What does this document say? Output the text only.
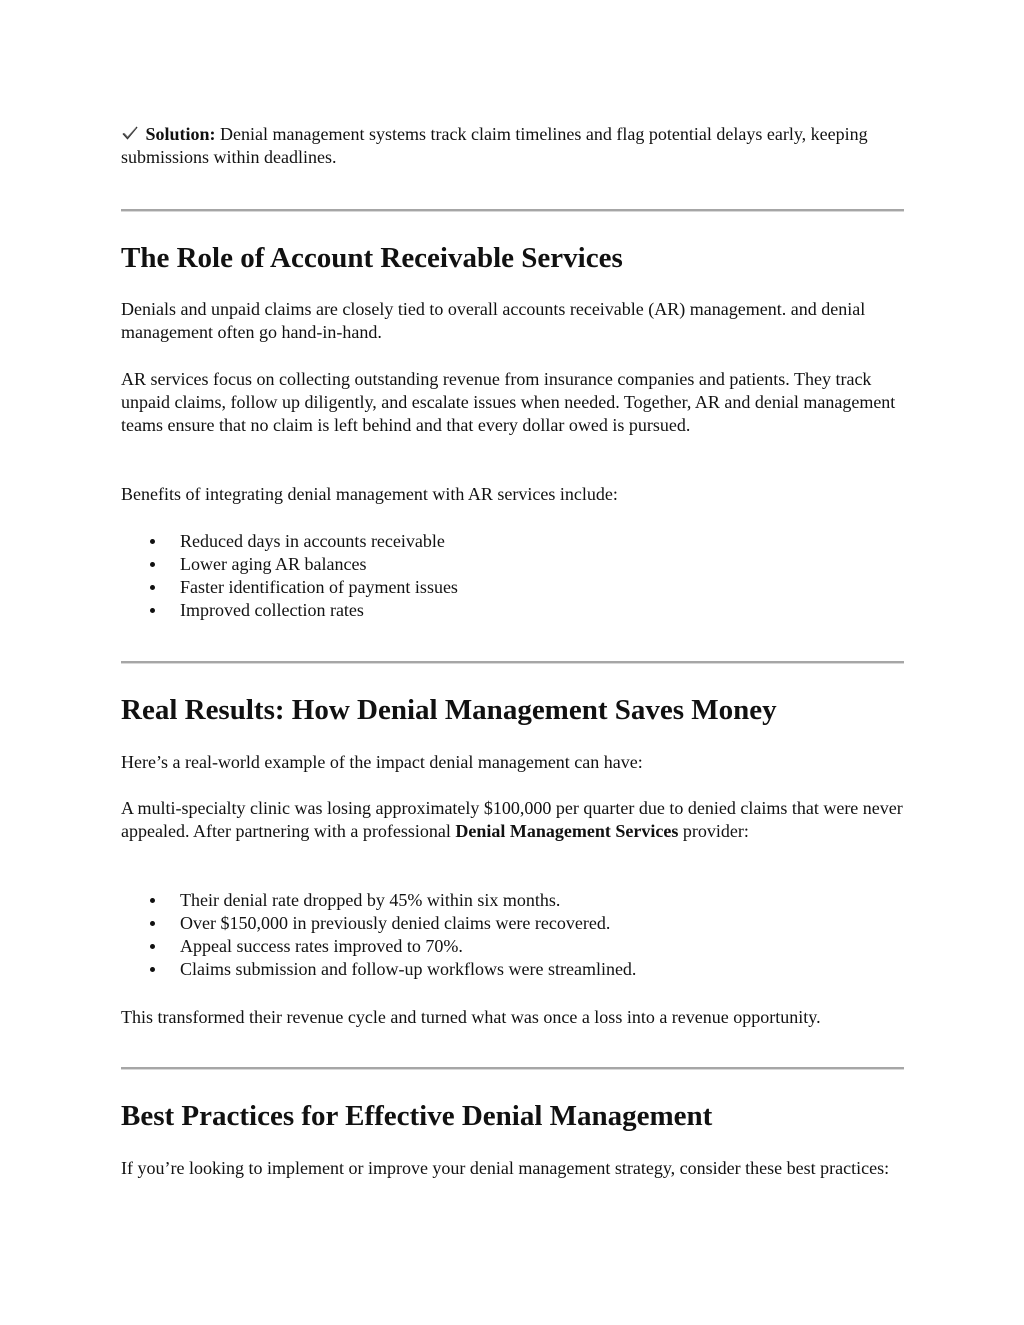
Solution: Denial management systems track claim timelines and flag potential delays early, keeping submissions within deadlines.

The Role of Account Receivable Services

Denials and unpaid claims are closely tied to overall accounts receivable (AR) management. and denial management often go hand-in-hand.

AR services focus on collecting outstanding revenue from insurance companies and patients. They track unpaid claims, follow up diligently, and escalate issues when needed. Together, AR and denial management teams ensure that no claim is left behind and that every dollar owed is pursued.

Benefits of integrating denial management with AR services include:

Reduced days in accounts receivable
Lower aging AR balances
Faster identification of payment issues
Improved collection rates
Real Results: How Denial Management Saves Money

Here’s a real-world example of the impact denial management can have:

A multi-specialty clinic was losing approximately $100,000 per quarter due to denied claims that were never appealed. After partnering with a professional Denial Management Services provider:

Their denial rate dropped by 45% within six months.
Over $150,000 in previously denied claims were recovered.
Appeal success rates improved to 70%.
Claims submission and follow-up workflows were streamlined.

This transformed their revenue cycle and turned what was once a loss into a revenue opportunity.

Best Practices for Effective Denial Management

If you’re looking to implement or improve your denial management strategy, consider these best practices:
